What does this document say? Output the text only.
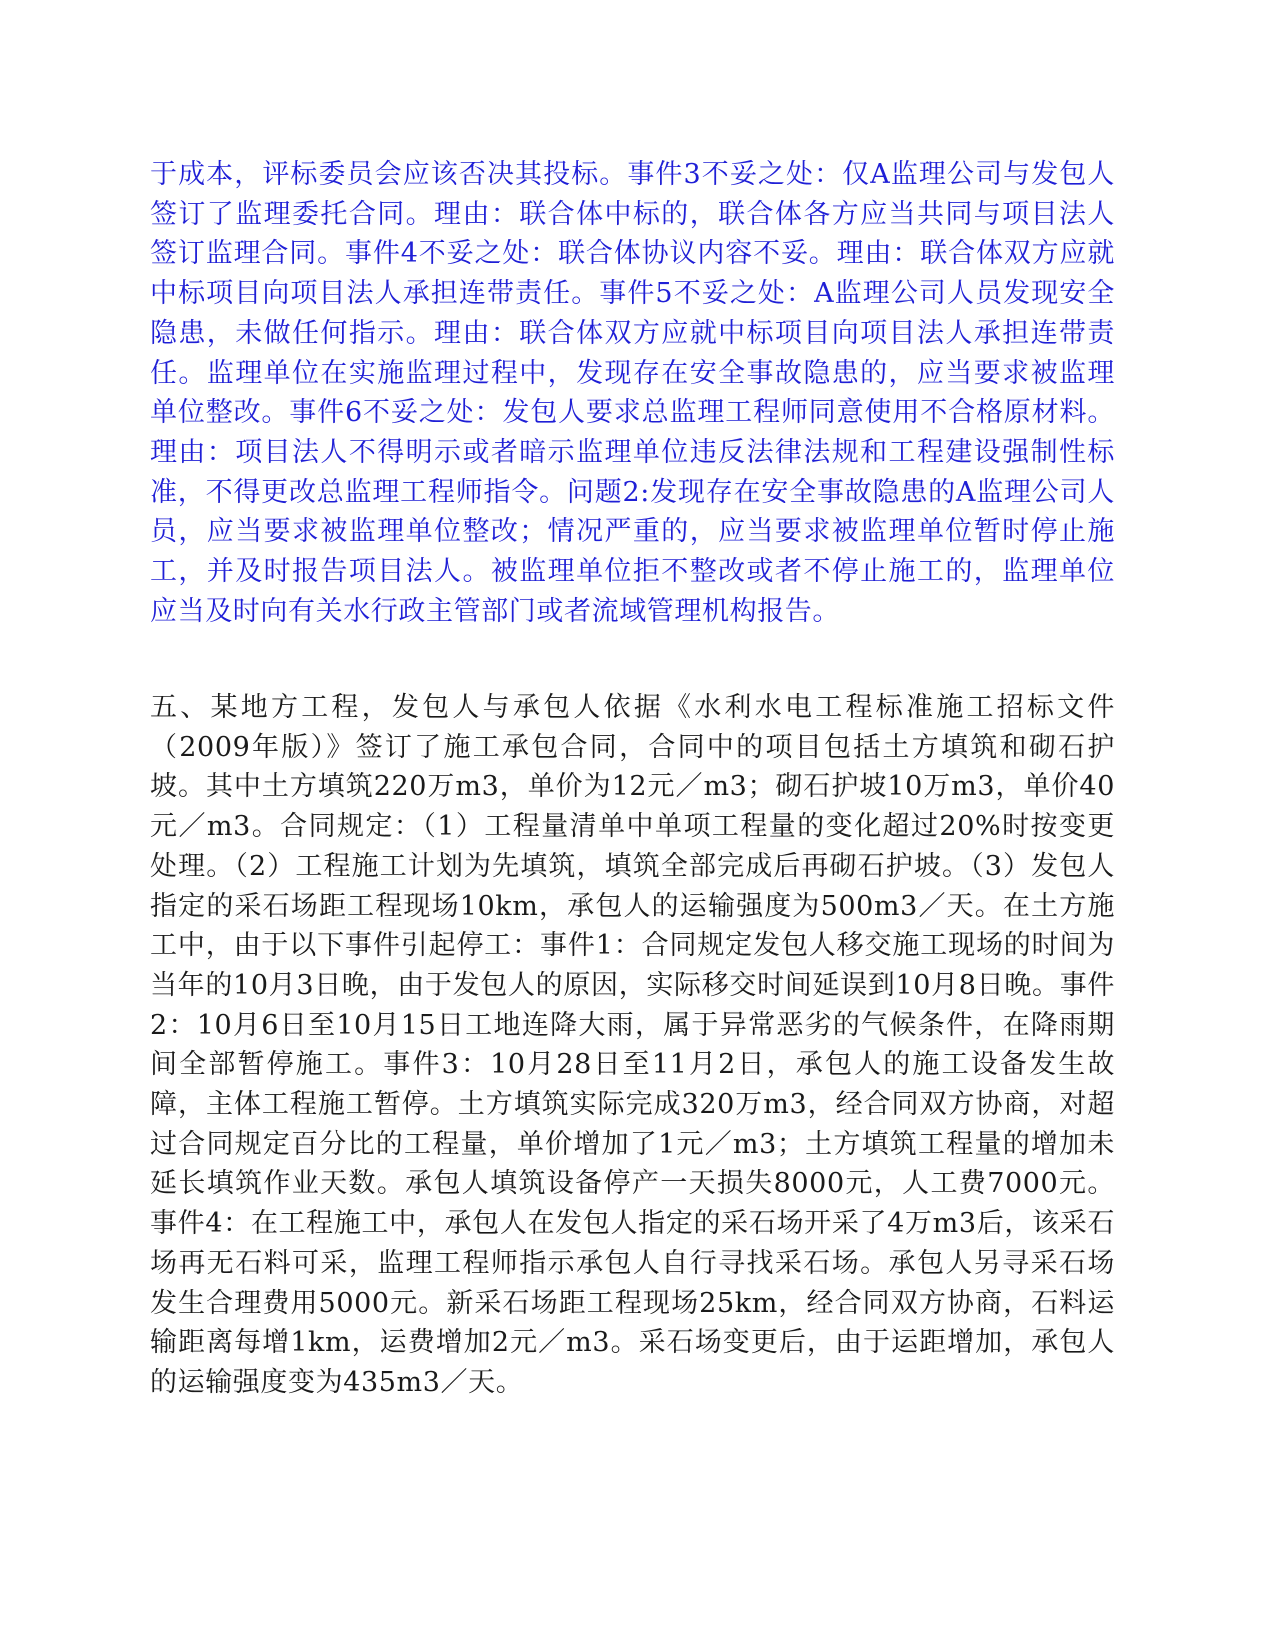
于成本，评标委员会应该否决其投标。事件3不妥之处：仅A监理公司与发包人签订了监理委托合同。理由：联合体中标的，联合体各方应当共同与项目法人签订监理合同。事件4不妥之处：联合体协议内容不妥。理由：联合体双方应就中标项目向项目法人承担连带责任。事件5不妥之处：A监理公司人员发现安全隐患，未做任何指示。理由：联合体双方应就中标项目向项目法人承担连带责任。监理单位在实施监理过程中，发现存在安全事故隐患的，应当要求被监理单位整改。事件6不妥之处：发包人要求总监理工程师同意使用不合格原材料。理由：项目法人不得明示或者暗示监理单位违反法律法规和工程建设强制性标准，不得更改总监理工程师指令。问题2:发现存在安全事故隐患的A监理公司人员，应当要求被监理单位整改；情况严重的，应当要求被监理单位暂时停止施工，并及时报告项目法人。被监理单位拒不整改或者不停止施工的，监理单位应当及时向有关水行政主管部门或者流域管理机构报告。

五、某地方工程，发包人与承包人依据《水利水电工程标准施工招标文件（2009年版）》签订了施工承包合同，合同中的项目包括土方填筑和砌石护坡。其中土方填筑220万m3，单价为12元／m3；砌石护坡10万m3，单价40元／m3。合同规定：（1）工程量清单中单项工程量的变化超过20%时按变更处理。（2）工程施工计划为先填筑，填筑全部完成后再砌石护坡。（3）发包人指定的采石场距工程现场10km，承包人的运输强度为500m3／天。在土方施工中，由于以下事件引起停工：事件1：合同规定发包人移交施工现场的时间为当年的10月3日晚，由于发包人的原因，实际移交时间延误到10月8日晚。事件2：10月6日至10月15日工地连降大雨，属于异常恶劣的气候条件，在降雨期间全部暂停施工。事件3：10月28日至11月2日，承包人的施工设备发生故障，主体工程施工暂停。土方填筑实际完成320万m3，经合同双方协商，对超过合同规定百分比的工程量，单价增加了1元／m3；土方填筑工程量的增加未延长填筑作业天数。承包人填筑设备停产一天损失8000元，人工费7000元。事件4：在工程施工中，承包人在发包人指定的采石场开采了4万m3后，该采石场再无石料可采，监理工程师指示承包人自行寻找采石场。承包人另寻采石场发生合理费用5000元。新采石场距工程现场25km，经合同双方协商，石料运输距离每增1km，运费增加2元／m3。采石场变更后，由于运距增加，承包人的运输强度变为435m3／天。
